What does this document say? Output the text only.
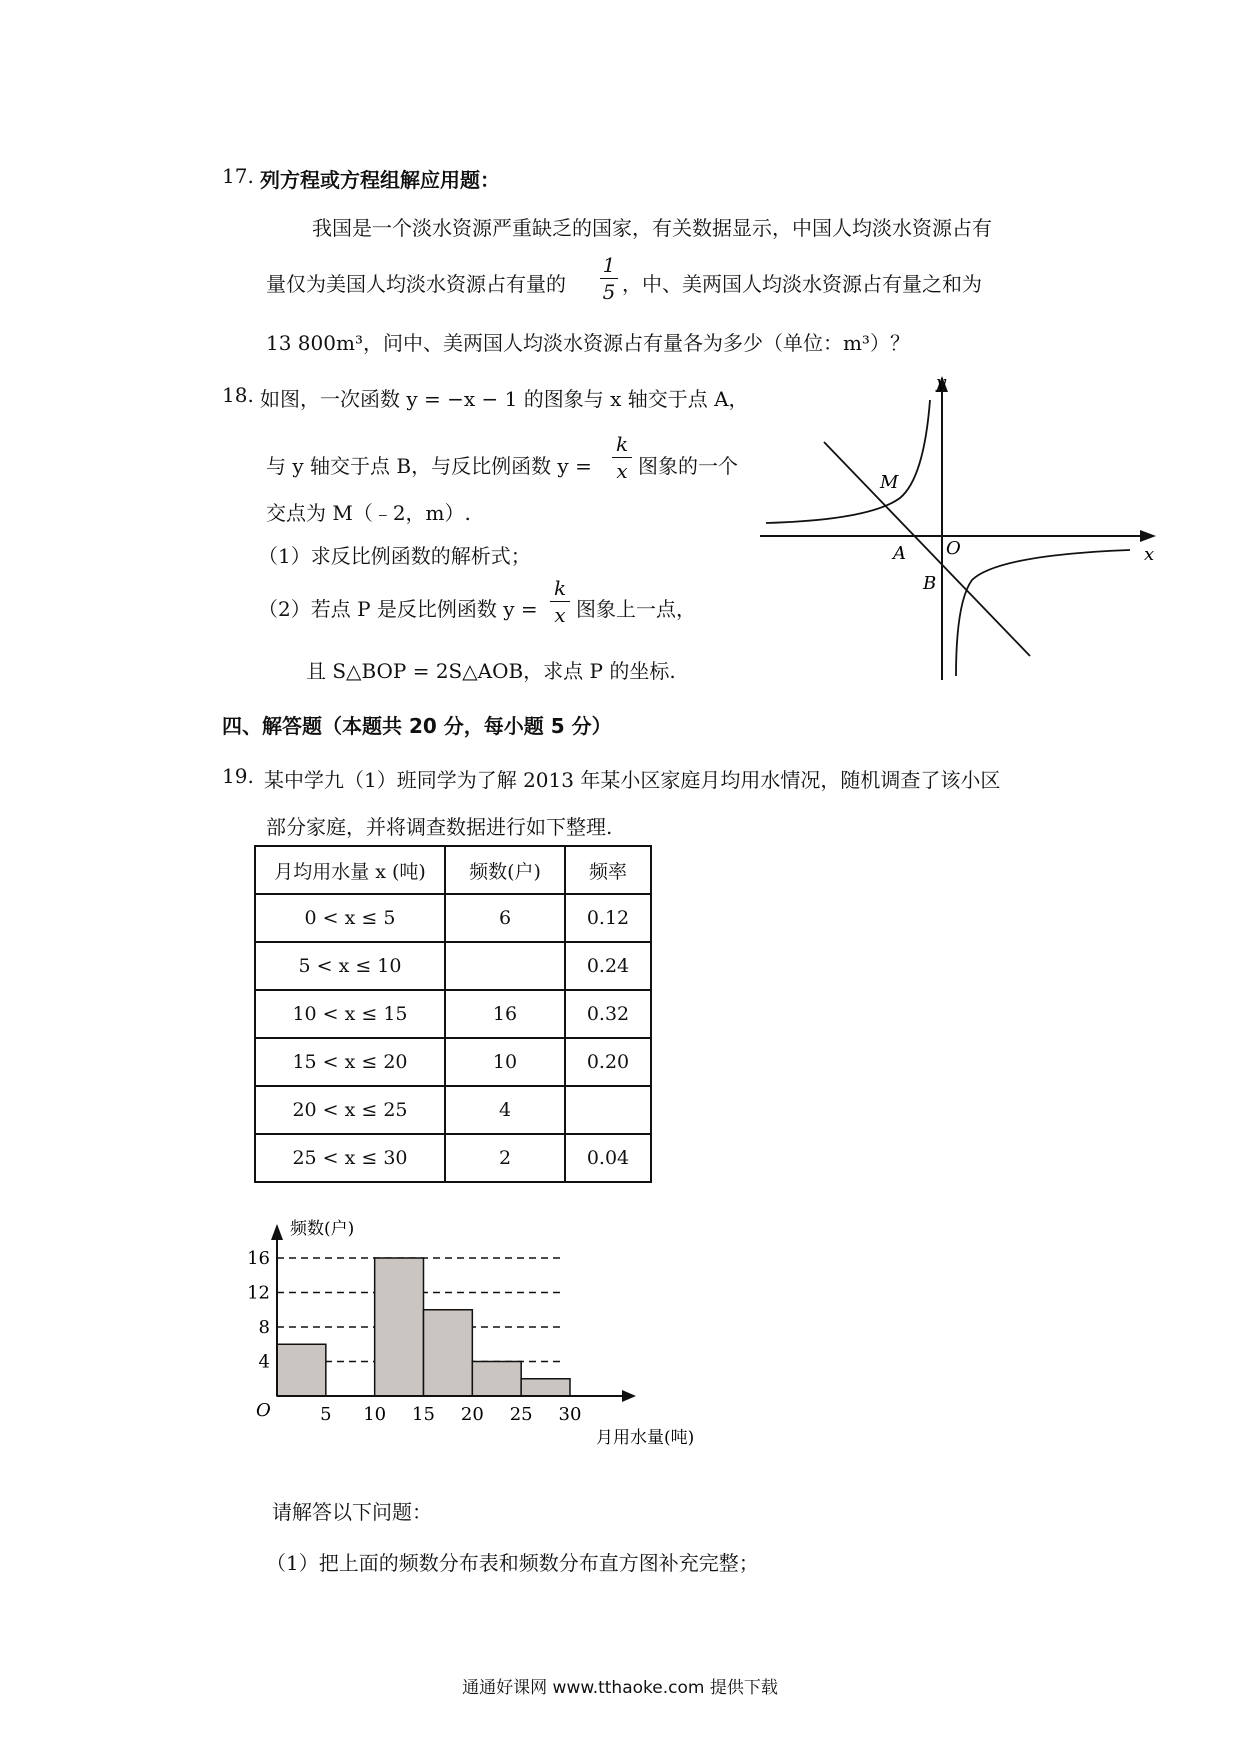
17. 列方程或方程组解应用题：
我国是一个淡水资源严重缺乏的国家，有关数据显示，中国人均淡水资源占有
量仅为美国人均淡水资源占有量的
1
5 ，中、美两国人均淡水资源占有量之和为
13 800m³，问中、美两国人均淡水资源占有量各为多少（单位：m³）？
18. 如图，一次函数 y = −x − 1 的图象与 x 轴交于点 A，
与 y 轴交于点 B，与反比例函数 y =
k
x 图象的一个
交点为 M（﹣2，m）.
（1）求反比例函数的解析式；
（2）若点 P 是反比例函数 y =
k
x 图象上一点，
且 S△BOP = 2S△AOB，求点 P 的坐标.
y
x
M
A O
B
四、解答题（本题共 20 分，每小题 5 分）
19. 某中学九（1）班同学为了解 2013 年某小区家庭月均用水情况，随机调查了该小区
部分家庭，并将调查数据进行如下整理.
月均用水量 x (吨)	频数(户)	频率
0 < x ≤ 5	6	0.12
5 < x ≤ 10		0.24
10 < x ≤ 15	16	0.32
15 < x ≤ 20	10	0.20
20 < x ≤ 25	4	
25 < x ≤ 30	2	0.04
4
8
12
16
5 10 15 20 25 30
频数(户)
月用水量(吨)
O
请解答以下问题：
（1）把上面的频数分布表和频数分布直方图补充完整；
通通好课网 www.tthaoke.com 提供下载
